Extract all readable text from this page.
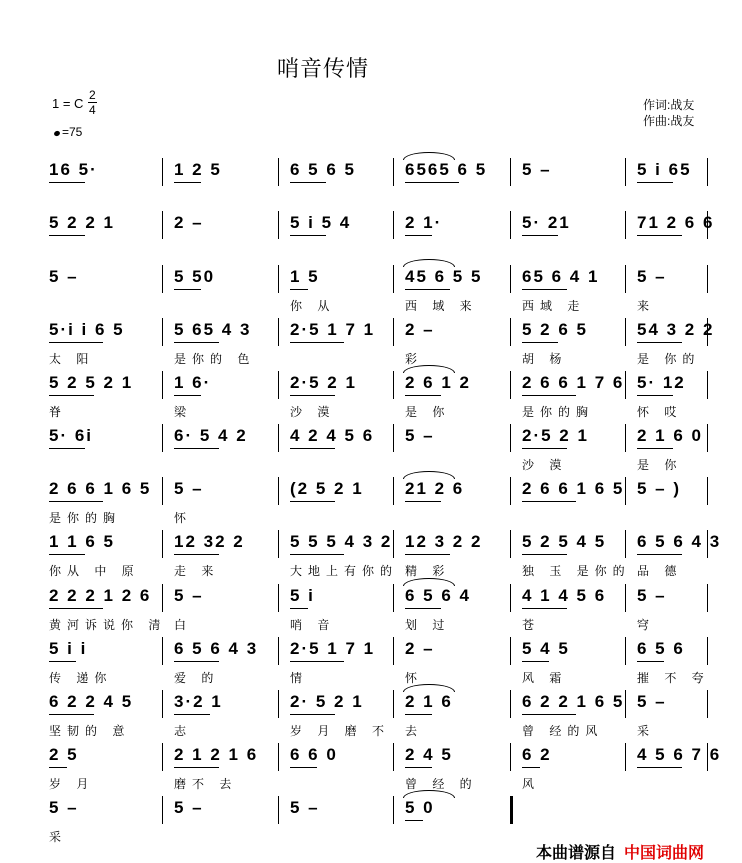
哨音传情
1 = C $\frac{2}{4}$
=75
作词:战友
作曲:战友
16 5·	1 2 5	6 5 6 5	6565 6 5 5 –	5 i 65
5 2 2 1	2 –	5 i 5 4	2 1·	5· 21	71 2 6 6
5 –	5 50	1 5
你 从
45 6 5 5
西 域 来
65 6 4 1
西域 走
5 –
来
5·i i 6 5
太 阳
5 65 4 3
是你的 色
2·5 1 7 1 2 –
彩
5 2 6 5
胡 杨
54 3 2 2
是 你的
5 2 5 2 1
脊
1 6·
梁
2·5 2 1
沙 漠
2 6 1 2
是 你
2 6 6 1 7 6
是你的胸
5· 12
怀 哎
5· 6i	6· 5 4 2 4 2 4 5 6 5 –	2·5 2 1
沙 漠
2 1 6 0
是 你
2 6 6 1 6 5
是你的胸
5 –
怀
(2 5 2 1 21 2 6	2 6 6 1 6 5 5 – )
1 1 6 5
你从 中 原
12 32 2
走 来
5 5 5 4 3 2
大地上有你的
12 3 2 2
精 彩
5 2 5 4 5
独 玉 是你的
6 5 6 4 3
品 德
2 2 2 1 2 6
黄河诉说你 清
5 –
白
5 i
哨 音
6 5 6 4
划 过
4 1 4 5 6
苍
5 –
穹
5 i i
传 递你
6 5 6 4 3
爱 的
2·5 1 7 1
情
2 –
怀
5 4 5
风 霜
6 5 6
摧 不 夸
6 2 2 4 5
坚韧的 意
3·2 1
志
2· 5 2 1
岁 月 磨 不
2 1 6
去
6 2 2 1 6 5
曾 经的风
5 –
采
2 5
岁 月
2 1 2 1 6
磨不 去
6 6 0	2 4 5
曾 经 的
6 2
风
4 5 6 7 6
5 –
采
5 –	5 –	5 0
本曲谱源自 中国词曲网
